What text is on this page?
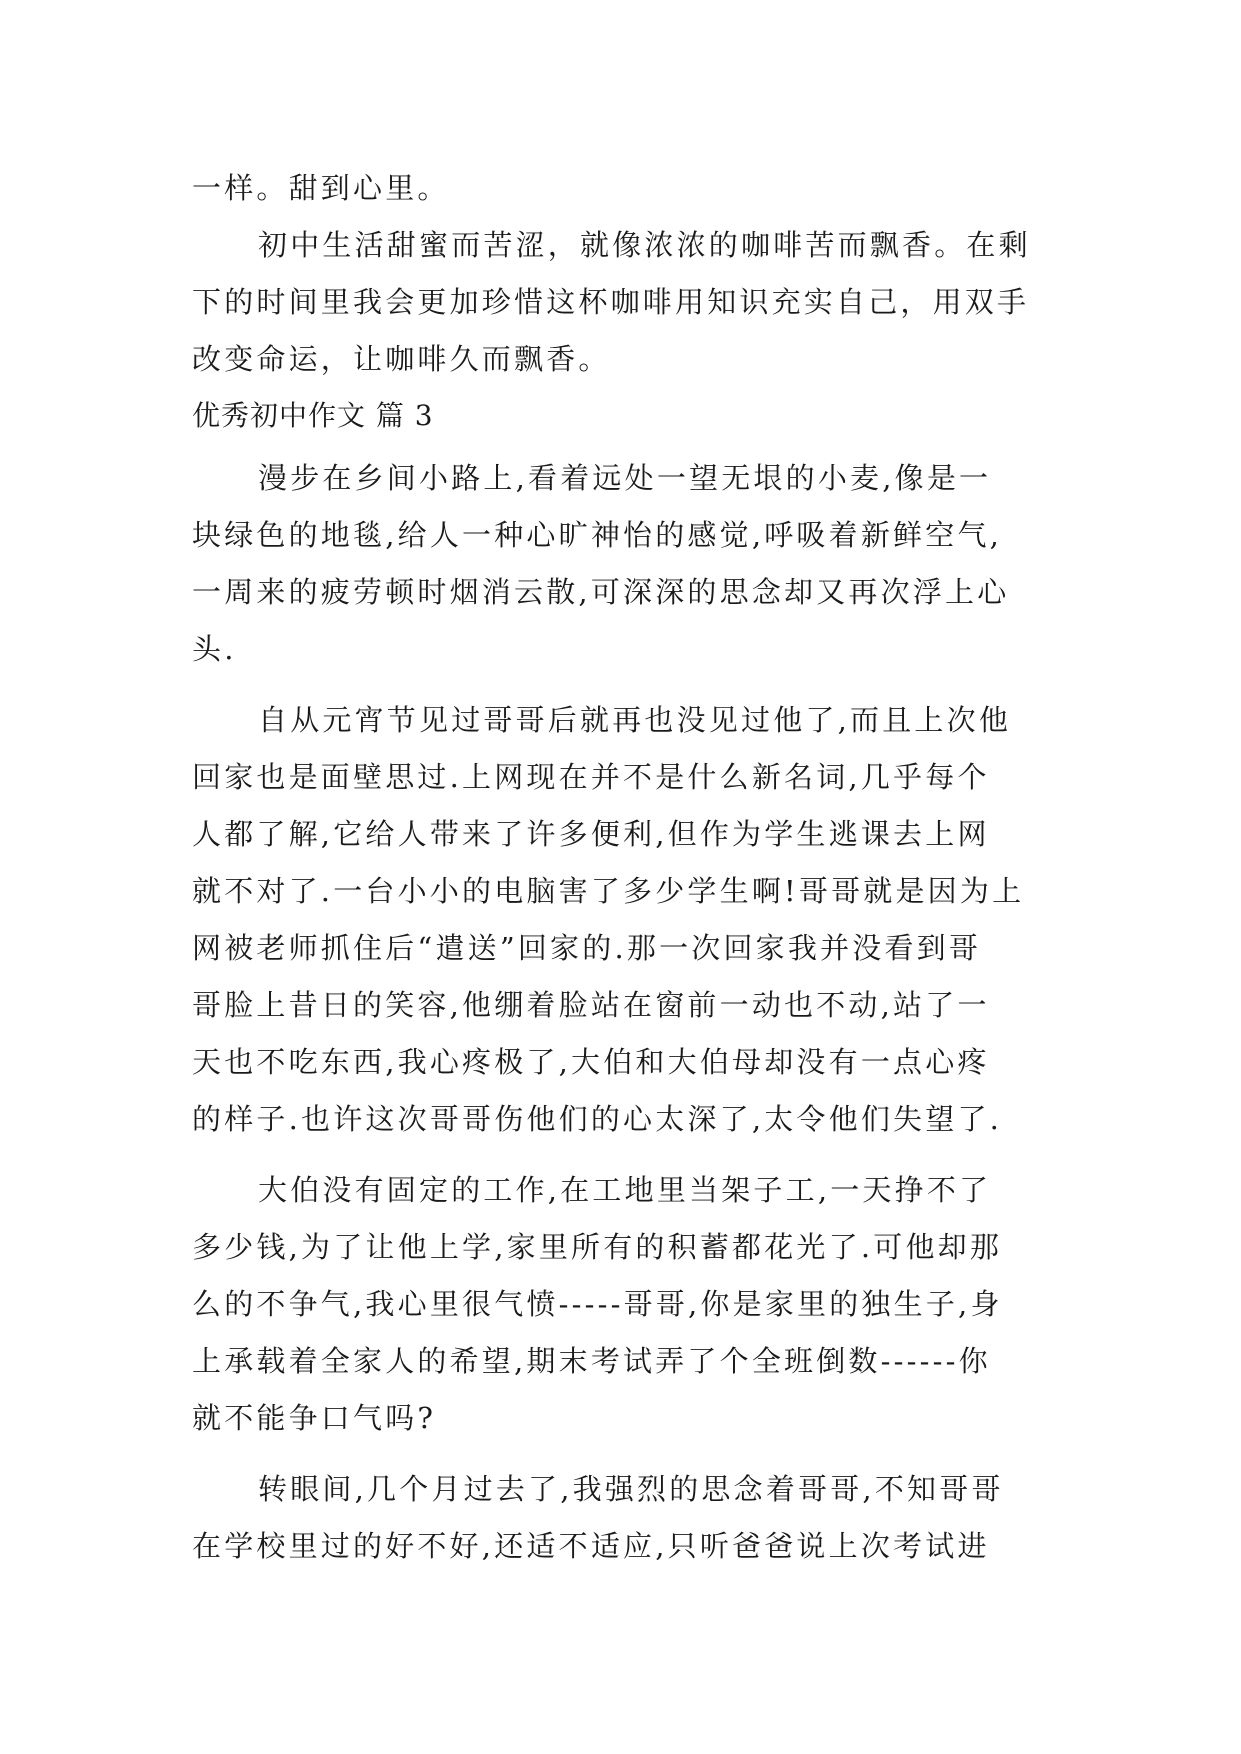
一样。甜到心里。
初中生活甜蜜而苦涩，就像浓浓的咖啡苦而飘香。在剩
下的时间里我会更加珍惜这杯咖啡用知识充实自己，用双手
改变命运，让咖啡久而飘香。
优秀初中作文 篇 3
漫步在乡间小路上,看着远处一望无垠的小麦,像是一
块绿色的地毯,给人一种心旷神怡的感觉,呼吸着新鲜空气,
一周来的疲劳顿时烟消云散,可深深的思念却又再次浮上心
头.
自从元宵节见过哥哥后就再也没见过他了,而且上次他
回家也是面壁思过.上网现在并不是什么新名词,几乎每个
人都了解,它给人带来了许多便利,但作为学生逃课去上网
就不对了.一台小小的电脑害了多少学生啊!哥哥就是因为上
网被老师抓住后“遣送”回家的.那一次回家我并没看到哥
哥脸上昔日的笑容,他绷着脸站在窗前一动也不动,站了一
天也不吃东西,我心疼极了,大伯和大伯母却没有一点心疼
的样子.也许这次哥哥伤他们的心太深了,太令他们失望了.
大伯没有固定的工作,在工地里当架子工,一天挣不了
多少钱,为了让他上学,家里所有的积蓄都花光了.可他却那
么的不争气,我心里很气愤-----哥哥,你是家里的独生子,身
上承载着全家人的希望,期末考试弄了个全班倒数------你
就不能争口气吗?
转眼间,几个月过去了,我强烈的思念着哥哥,不知哥哥
在学校里过的好不好,还适不适应,只听爸爸说上次考试进
